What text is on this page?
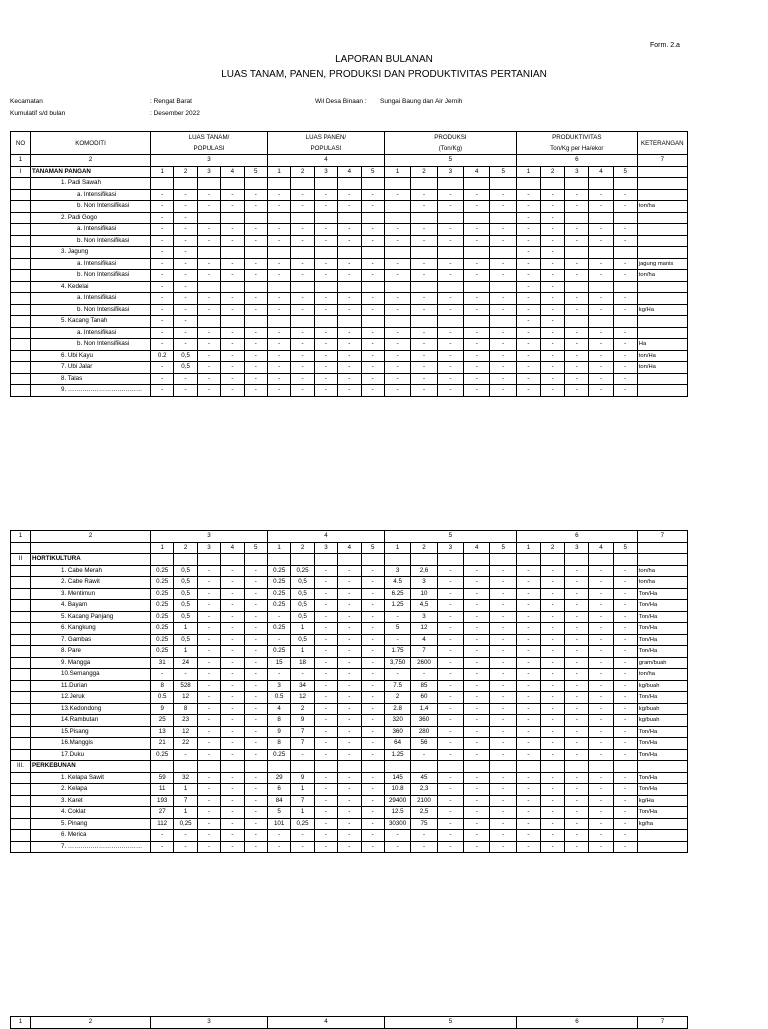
Form. 2.a
LAPORAN BULANAN
LUAS TANAM, PANEN, PRODUKSI DAN PRODUKTIVITAS PERTANIAN
Kecamatan	: Rengat Barat	Wil Desa Binaan : Sungai Baung dan Air Jernih
Kumulatif s/d bulan	: Desember 2022
NO	KOMODITI	LUAS TANAM/					LUAS PANEN/					PRODUKSI					PRODUKTIVITAS					KETERANGAN
		POPULASI					POPULASI					(Ton/Kg)					Ton/Kg per Ha/ekor					
1	2	3					4					5					6					7
I	TANAMAN PANGAN	1	2	3	4	5	1	2	3	4	5	1	2	3	4	5	1	2	3	4	5	
	1. Padi Sawah																					
	a. Intensifikasi	-	-	-	-	-	-	-	-	-	-	-	-	-	-	-	-	-	-	-	-	
	b. Non Intensifikasi	-	-	-	-	-	-	-	-	-	-		-	-	-	-	-	-	-	-	-	ton/ha
	2. Padi Gogo	-	-														-	-				
	a. Intensifikasi	-	-	-	-	-	-	-	-	-	-	-	-	-	-	-	-	-	-	-	-	
	b. Non Intensifikasi	-	-	-	-	-	-	-	-	-	-	-	-	-	-	-	-	-	-	-	-	
	3. Jagung	-	-														-	-				
	a. Intensifikasi	-	-	-	-	-	-	-	-	-	-	-	-	-	-	-	-	-	-	-	-	jagung manis
	b. Non Intensifikasi	-	-	-	-	-	-	-	-	-	-	-	-	-	-	-	-	-	-	-	-	ton/ha
	4. Kedelai	-	-														-	-				
	a. Intensifikasi	-	-	-	-	-	-	-	-	-	-	-	-	-	-	-	-	-	-	-	-	
	b. Non Intensifikasi	-	-	-	-	-	-	-	-	-	-	-	-	-	-	-	-	-	-	-	-	kg/Ha
	5. Kacang Tanah	-	-														-	-				
	a. Intensifikasi	-	-	-	-	-	-	-	-	-	-	-	-	-	-	-	-	-	-	-	-	
	b. Non Intensifikasi	-	-	-	-	-	-	-	-	-	-	-	-	-	-	-	-	-	-	-	-	Ha
	6. Ubi Kayu	0.2	0,5	-	-	-	-	-	-	-	-	-	-	-	-	-	-	-	-	-	-	ton/Ha
	7. Ubi Jalar	-	0,5	-	-	-	-	-	-	-	-	-	-	-	-	-	-	-	-	-	-	ton/Ha
	8. Talas	-	-	-	-	-	-	-	-	-	-	-	-	-	-	-	-	-	-	-	-	
	9. ………………………………	-	-	-	-	-	-	-	-	-	-	-	-	-	-	-	-	-	-	-	-	
1	2	3					4					5					6					7
		1	2	3	4	5	1	2	3	4	5	1	2	3	4	5	1	2	3	4	5	
II	HORTIKULTURA																					
	1. Cabe Merah	0.25	0,5	-	-	-	0.25	0,25	-	-	-	3	2,6	-	-	-	-	-	-	-	-	ton/ha
	2. Cabe Rawit	0.25	0,5	-	-	-	0.25	0,5	-	-	-	4.5	3	-	-	-	-	-	-	-	-	ton/ha
	3. Mentimun	0.25	0,5	-	-	-	0.25	0,5	-	-	-	6.25	10	-	-	-	-	-	-	-	-	Ton/Ha
	4. Bayam	0.25	0,5	-	-	-	0.25	0,5	-	-	-	1.25	4,5	-	-	-	-	-	-	-	-	Ton/Ha
	5. Kacang Panjang	0.25	0,5	-	-	-	-	0,5	-	-	-	-	3	-	-	-	-	-	-	-	-	Ton/Ha
	6. Kangkung	0.25	1	-	-	-	0.25	1	-	-	-	5	12	-	-	-	-	-	-	-	-	Ton/Ha
	7. Gambas	0.25	0,5	-	-	-	-	0,5	-	-	-	-	4	-	-	-	-	-	-	-	-	Ton/Ha
	8. Pare	0.25	1	-	-	-	0.25	1	-	-	-	1.75	7	-	-	-	-	-	-	-	-	Ton/Ha
	9. Mangga	31	24	-	-	-	15	18	-	-	-	3,750	2600	-	-	-	-	-	-	-	-	gram/buah
	10.Semangga	-	-	-	-	-	-	-	-	-	-	-	-	-	-	-	-	-	-	-	-	ton/ha
	11.Durian	8	528	-	-	-	3	34	-	-	-	7.5	85	-	-	-	-	-	-	-	-	kg/buah
	12.Jeruk	0.5	12	-	-	-	0.5	12	-	-	-	2	60	-	-	-	-	-	-	-	-	Ton/Ha
	13.Kedondong	9	8	-	-	-	4	2	-	-	-	2.8	1,4	-	-	-	-	-	-	-	-	kg/buah
	14.Rambutan	25	23	-	-	-	8	9	-	-	-	320	360	-	-	-	-	-	-	-	-	kg/buah
	15.Pisang	13	12	-	-	-	9	7	-	-	-	360	280	-	-	-	-	-	-	-	-	Ton/Ha
	16.Manggis	21	22	-	-	-	8	7	-	-	-	64	56	-	-	-	-	-	-	-	-	Ton/Ha
	17.Duku	0.25	-	-	-	-	0.25	-	-	-	-	1.25	-	-	-	-	-	-	-	-	-	Ton/Ha
III.	PERKEBUNAN																					
	1. Kelapa Sawit	59	32	-	-	-	29	9	-	-	-	145	45	-	-	-	-	-	-	-	-	Ton/Ha
	2. Kelapa	11	1	-	-	-	6	1	-	-	-	10.8	2,3	-	-	-	-	-	-	-	-	Ton/Ha
	3. Karet	193	7	-	-	-	84	7	-	-	-	29400	2100	-	-	-	-	-	-	-	-	kg/Ha
	4. Coklat	27	1	-	-	-	5	1	-	-	-	12.5	2,5	-	-	-	-	-	-	-	-	Ton/Ha
	5. Pinang	112	0,25	-	-	-	101	0,25	-	-	-	30300	75	-	-	-	-	-	-	-	-	kg/ha
	6. Merica	-	-	-	-	-	-	-	-	-	-	-	-	-	-	-	-	-	-	-	-	
	7. ………………………………	-	-	-	-	-	-	-	-	-	-	-	-	-	-	-	-	-	-	-	-	
1	2	3	4	5	6	7
